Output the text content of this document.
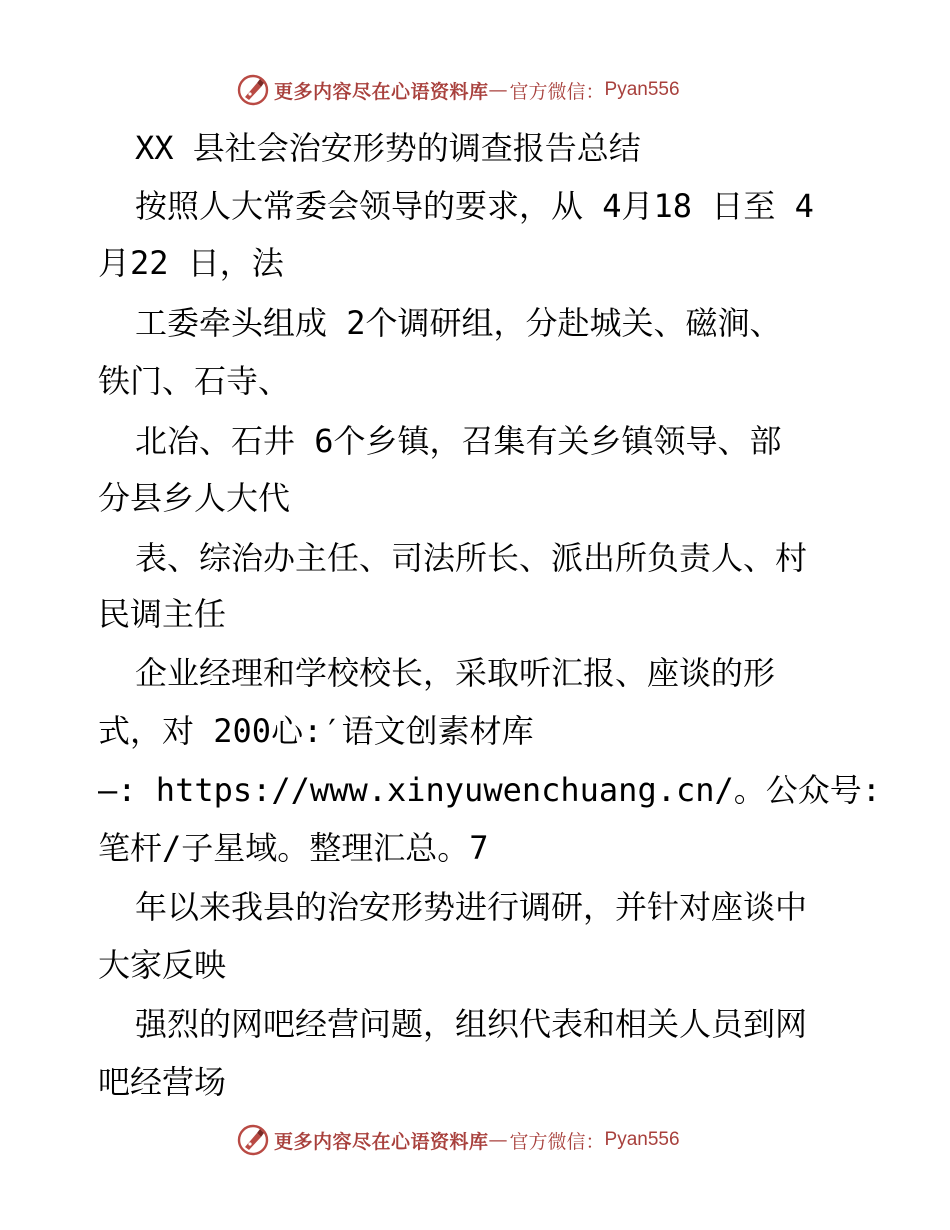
更多内容尽在心语资料库 — 官方微信： Pyan556
XX 县社会治安形势的调查报告总结
按照人大常委会领导的要求，从 4月18 日至 4
月22 日，法
工委牵头组成 2个调研组，分赴城关、磁涧、
铁门、石寺、
北冶、石井 6个乡镇，召集有关乡镇领导、部
分县乡人大代
表、综治办主任、司法所长、派出所负责人、村
民调主任
企业经理和学校校长，采取听汇报、座谈的形
式，对 200心:′语文创素材库
—: https://www.xinyuwenchuang.cn/。公众号:
笔杆/子星域。整理汇总。7
年以来我县的治安形势进行调研，并针对座谈中
大家反映
强烈的网吧经营问题，组织代表和相关人员到网
吧经营场
更多内容尽在心语资料库 — 官方微信： Pyan556
